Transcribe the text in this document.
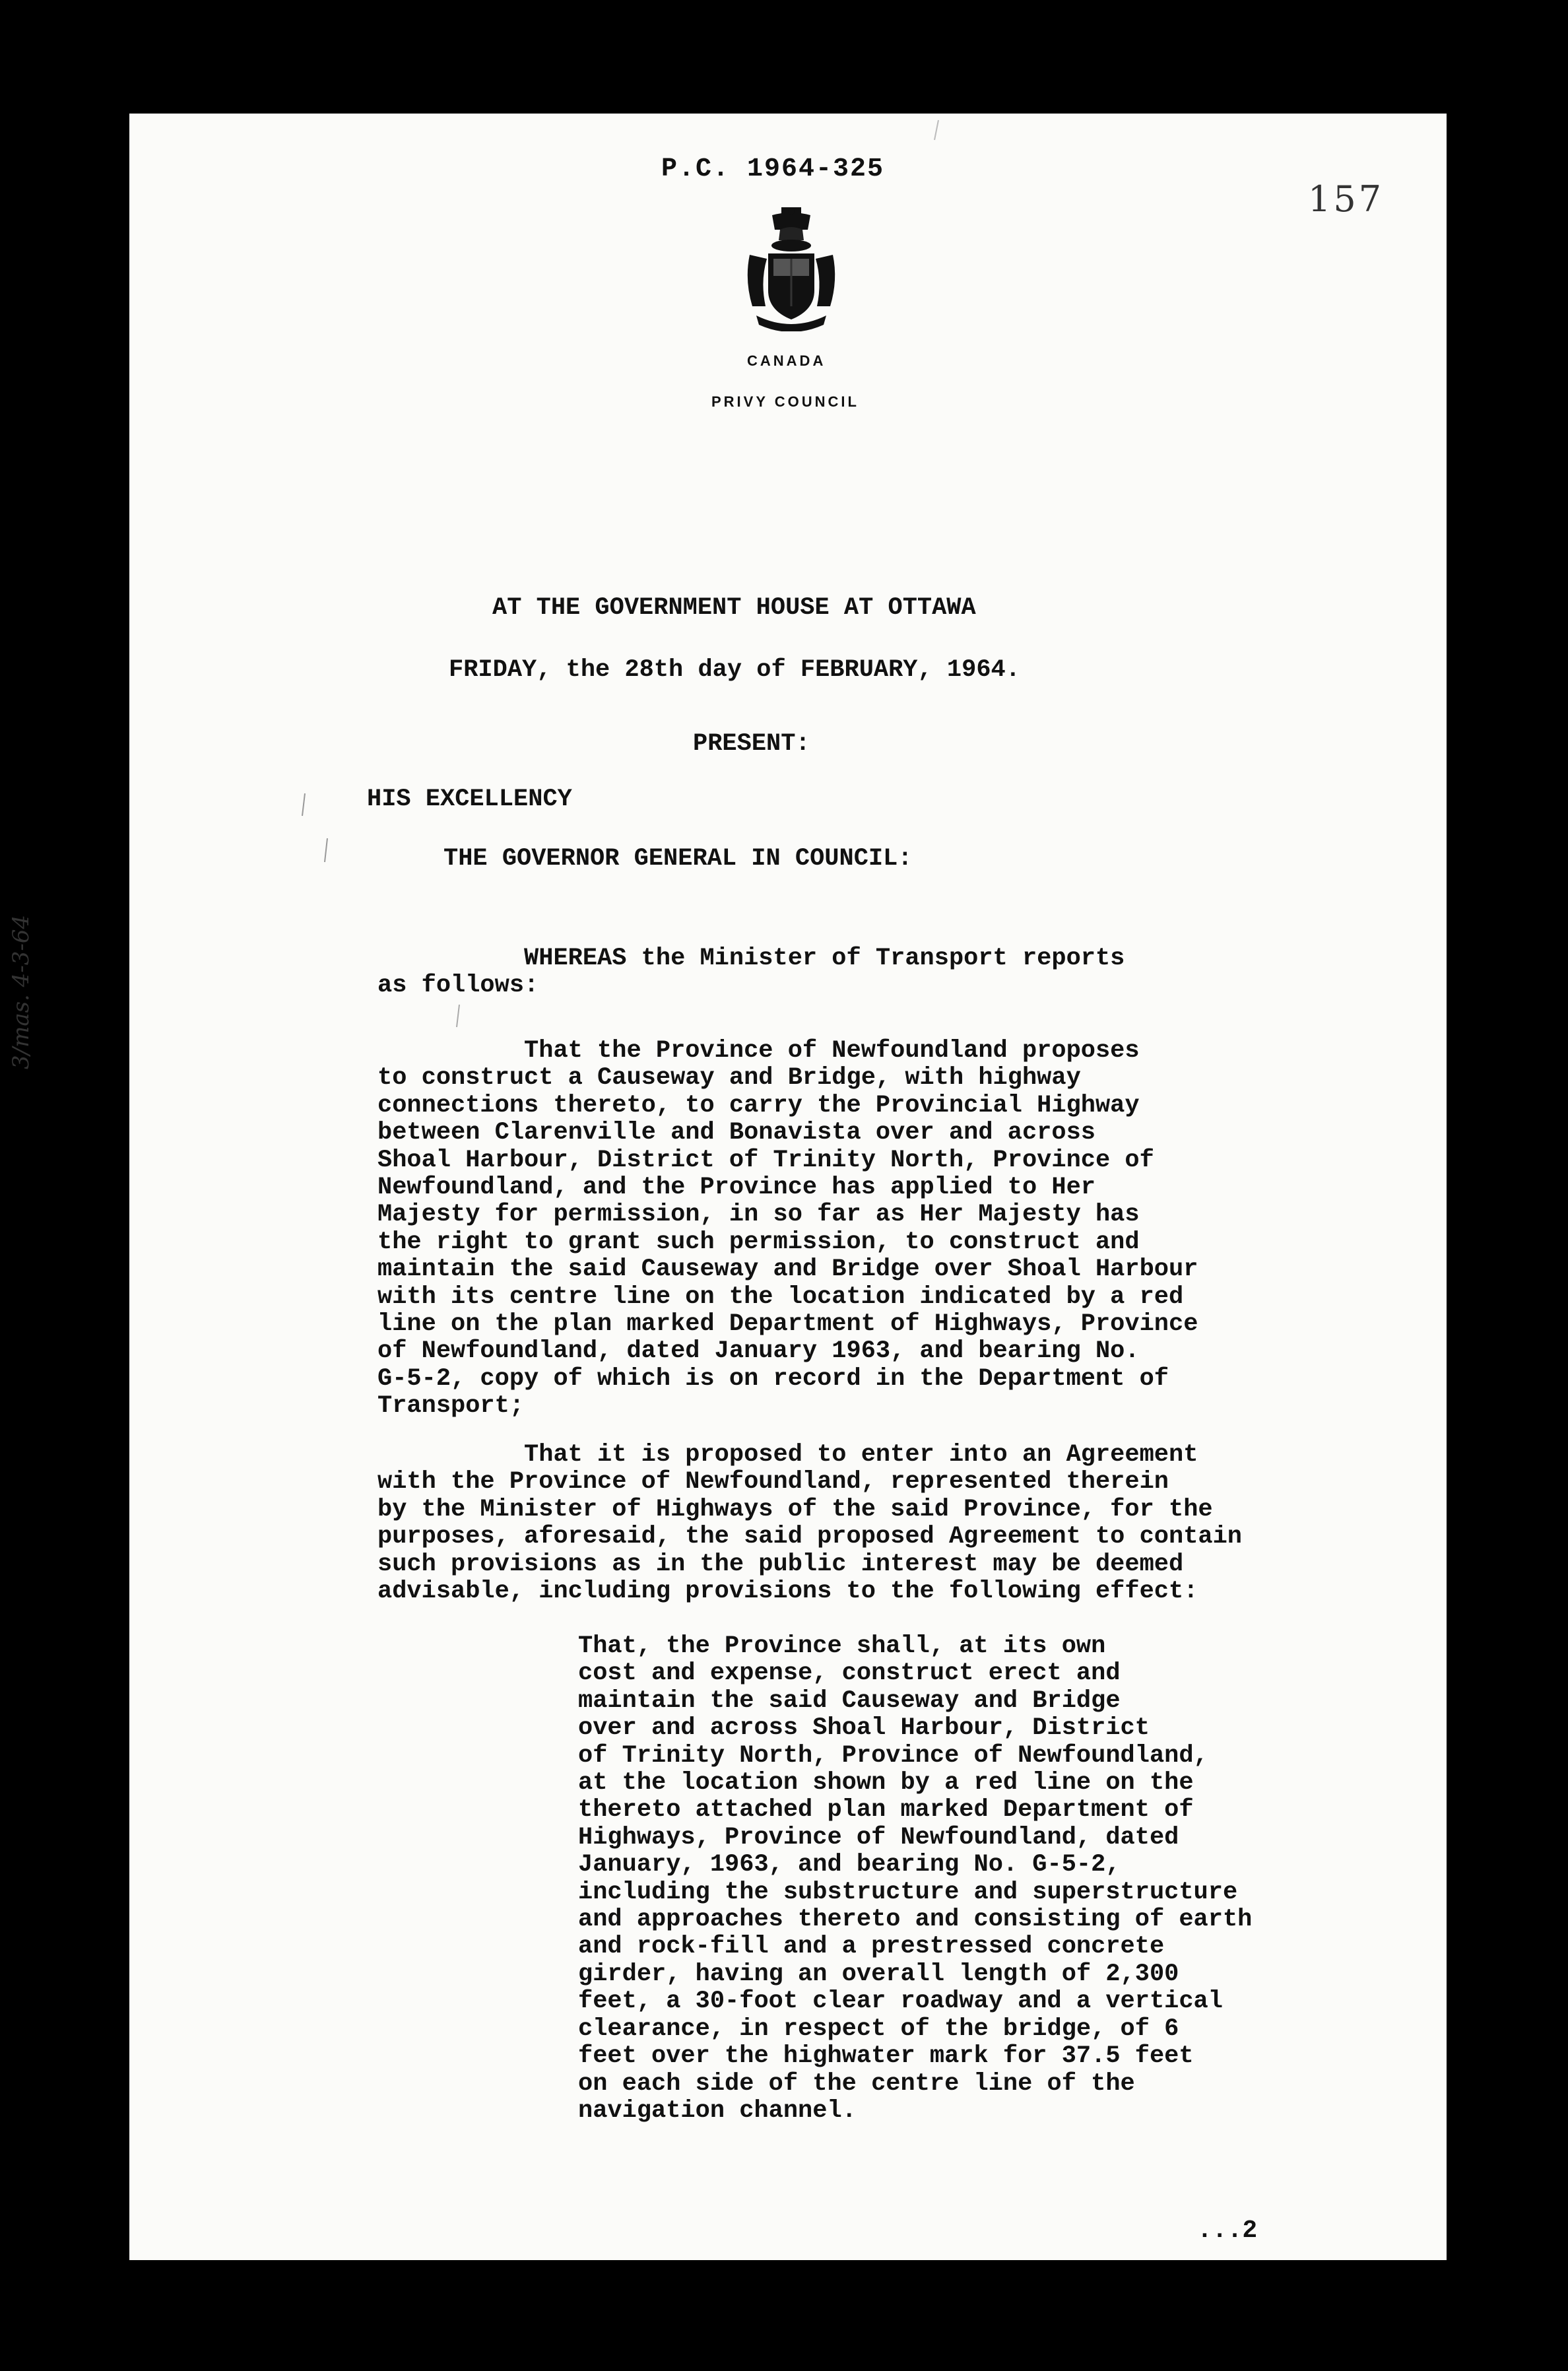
P.C. 1964-325
157
CANADA
PRIVY COUNCIL
AT THE GOVERNMENT HOUSE AT OTTAWA
FRIDAY, the 28th day of FEBRUARY, 1964.
PRESENT:
HIS EXCELLENCY
THE GOVERNOR GENERAL IN COUNCIL:
WHEREAS the Minister of Transport reports
as follows:
That the Province of Newfoundland proposes
to construct a Causeway and Bridge, with highway
connections thereto, to carry the Provincial Highway
between Clarenville and Bonavista over and across
Shoal Harbour, District of Trinity North, Province of
Newfoundland, and the Province has applied to Her
Majesty for permission, in so far as Her Majesty has
the right to grant such permission, to construct and
maintain the said Causeway and Bridge over Shoal Harbour
with its centre line on the location indicated by a red
line on the plan marked Department of Highways, Province
of Newfoundland, dated January 1963, and bearing No.
G-5-2, copy of which is on record in the Department of
Transport;
That it is proposed to enter into an Agreement
with the Province of Newfoundland, represented therein
by the Minister of Highways of the said Province, for the
purposes, aforesaid, the said proposed Agreement to contain
such provisions as in the public interest may be deemed
advisable, including provisions to the following effect:
That, the Province shall, at its own
cost and expense, construct erect and
maintain the said Causeway and Bridge
over and across Shoal Harbour, District
of Trinity North, Province of Newfoundland,
at the location shown by a red line on the
thereto attached plan marked Department of
Highways, Province of Newfoundland, dated
January, 1963, and bearing No. G-5-2,
including the substructure and superstructure
and approaches thereto and consisting of earth
and rock-fill and a prestressed concrete
girder, having an overall length of 2,300
feet, a 30-foot clear roadway and a vertical
clearance, in respect of the bridge, of 6
feet over the highwater mark for 37.5 feet
on each side of the centre line of the
navigation channel.
...2
3/mas. 4-3-64
